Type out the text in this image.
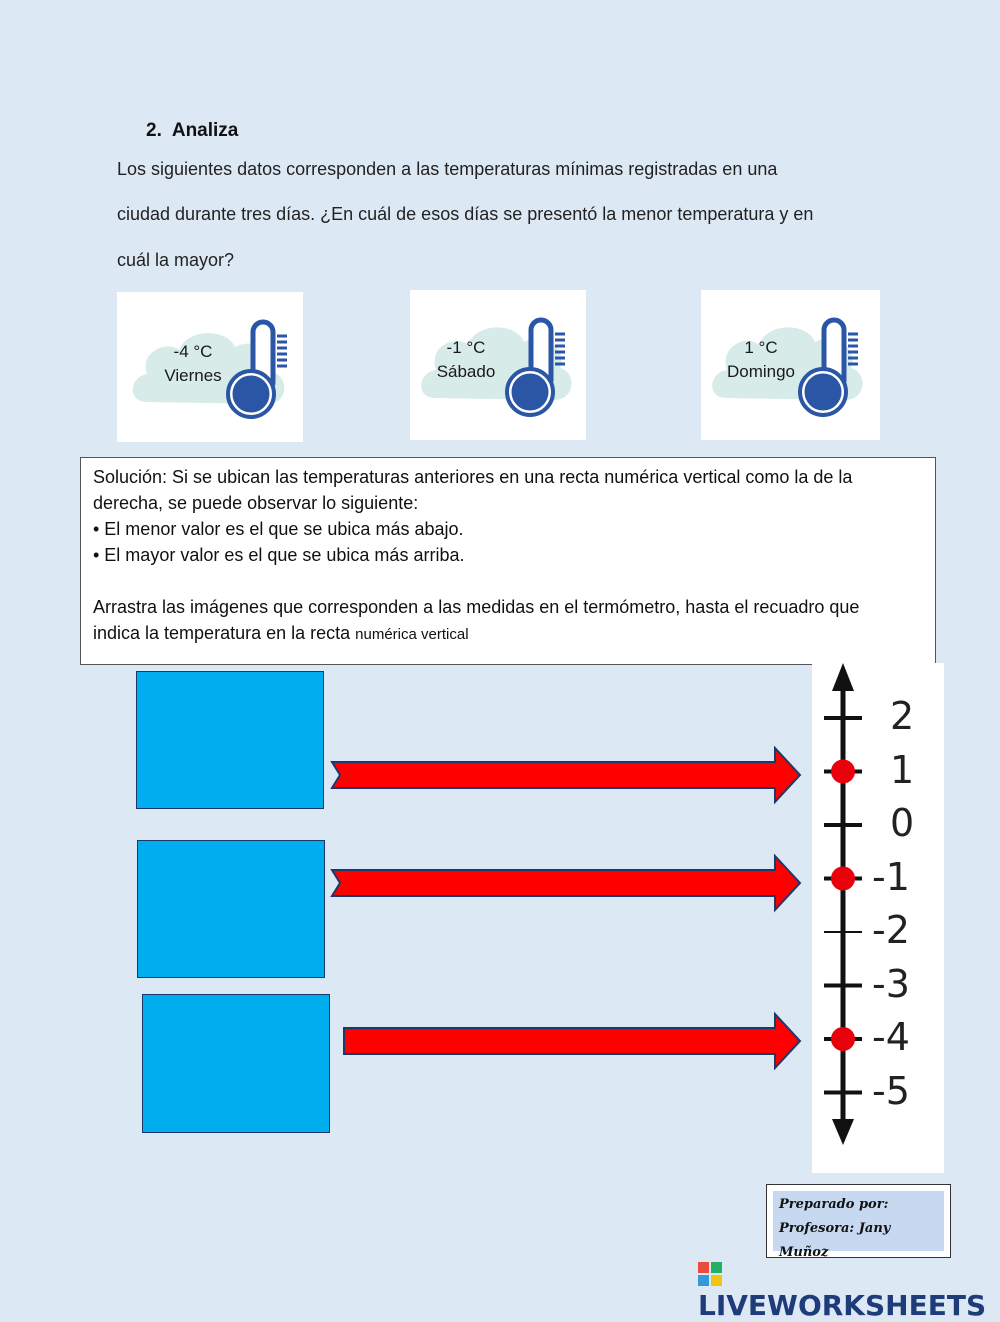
2. Analiza
Los siguientes datos corresponden a las temperaturas mínimas registradas en una
ciudad durante tres días. ¿En cuál de esos días se presentó la menor temperatura y en
cuál la mayor?
-4 °C
Viernes
-1 °C
Sábado
1 °C
Domingo
Solución: Si se ubican las temperaturas anteriores en una recta numérica vertical como la de la
derecha, se puede observar lo siguiente:
• El menor valor es el que se ubica más abajo.
• El mayor valor es el que se ubica más arriba.
Arrastra las imágenes que corresponden a las medidas en el termómetro, hasta el recuadro que
indica la temperatura en la recta numérica vertical
2
1
0
-1
-2
-3
-4
-5
Preparado por:
Profesora: Jany Muñoz
LIVEWORKSHEETS
